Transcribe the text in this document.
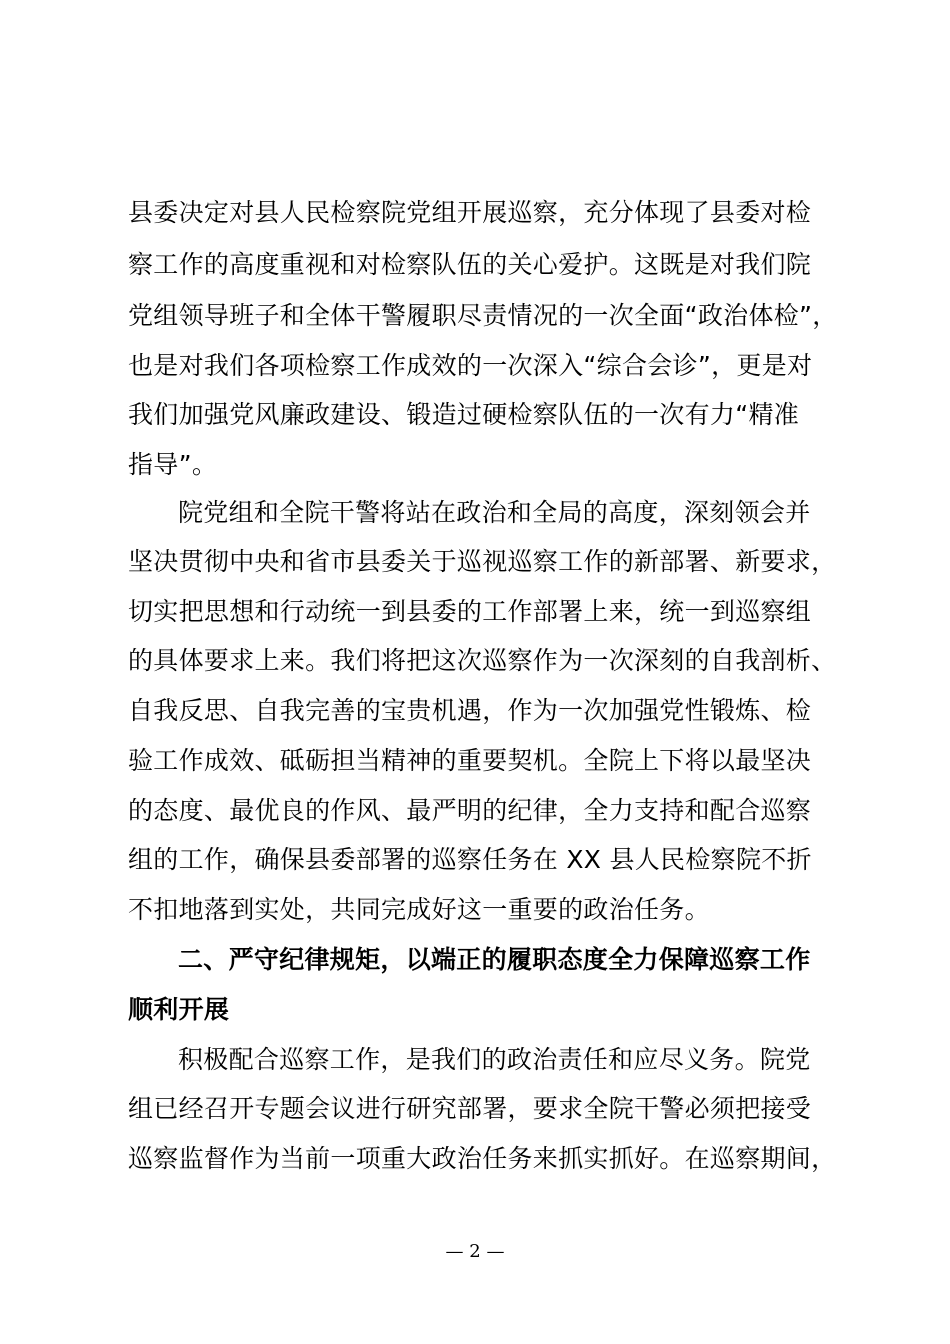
县委决定对县人民检察院党组开展巡察，充分体现了县委对检
察工作的高度重视和对检察队伍的关心爱护。这既是对我们院
党组领导班子和全体干警履职尽责情况的一次全面“政治体检”，
也是对我们各项检察工作成效的一次深入“综合会诊”，更是对
我们加强党风廉政建设、锻造过硬检察队伍的一次有力“精准
指导”。
院党组和全院干警将站在政治和全局的高度，深刻领会并
坚决贯彻中央和省市县委关于巡视巡察工作的新部署、新要求，
切实把思想和行动统一到县委的工作部署上来，统一到巡察组
的具体要求上来。我们将把这次巡察作为一次深刻的自我剖析、
自我反思、自我完善的宝贵机遇，作为一次加强党性锻炼、检
验工作成效、砥砺担当精神的重要契机。全院上下将以最坚决
的态度、最优良的作风、最严明的纪律，全力支持和配合巡察
组的工作，确保县委部署的巡察任务在 XX 县人民检察院不折
不扣地落到实处，共同完成好这一重要的政治任务。
二、严守纪律规矩，以端正的履职态度全力保障巡察工作
顺利开展
积极配合巡察工作，是我们的政治责任和应尽义务。院党
组已经召开专题会议进行研究部署，要求全院干警必须把接受
巡察监督作为当前一项重大政治任务来抓实抓好。在巡察期间，
— 2 —
